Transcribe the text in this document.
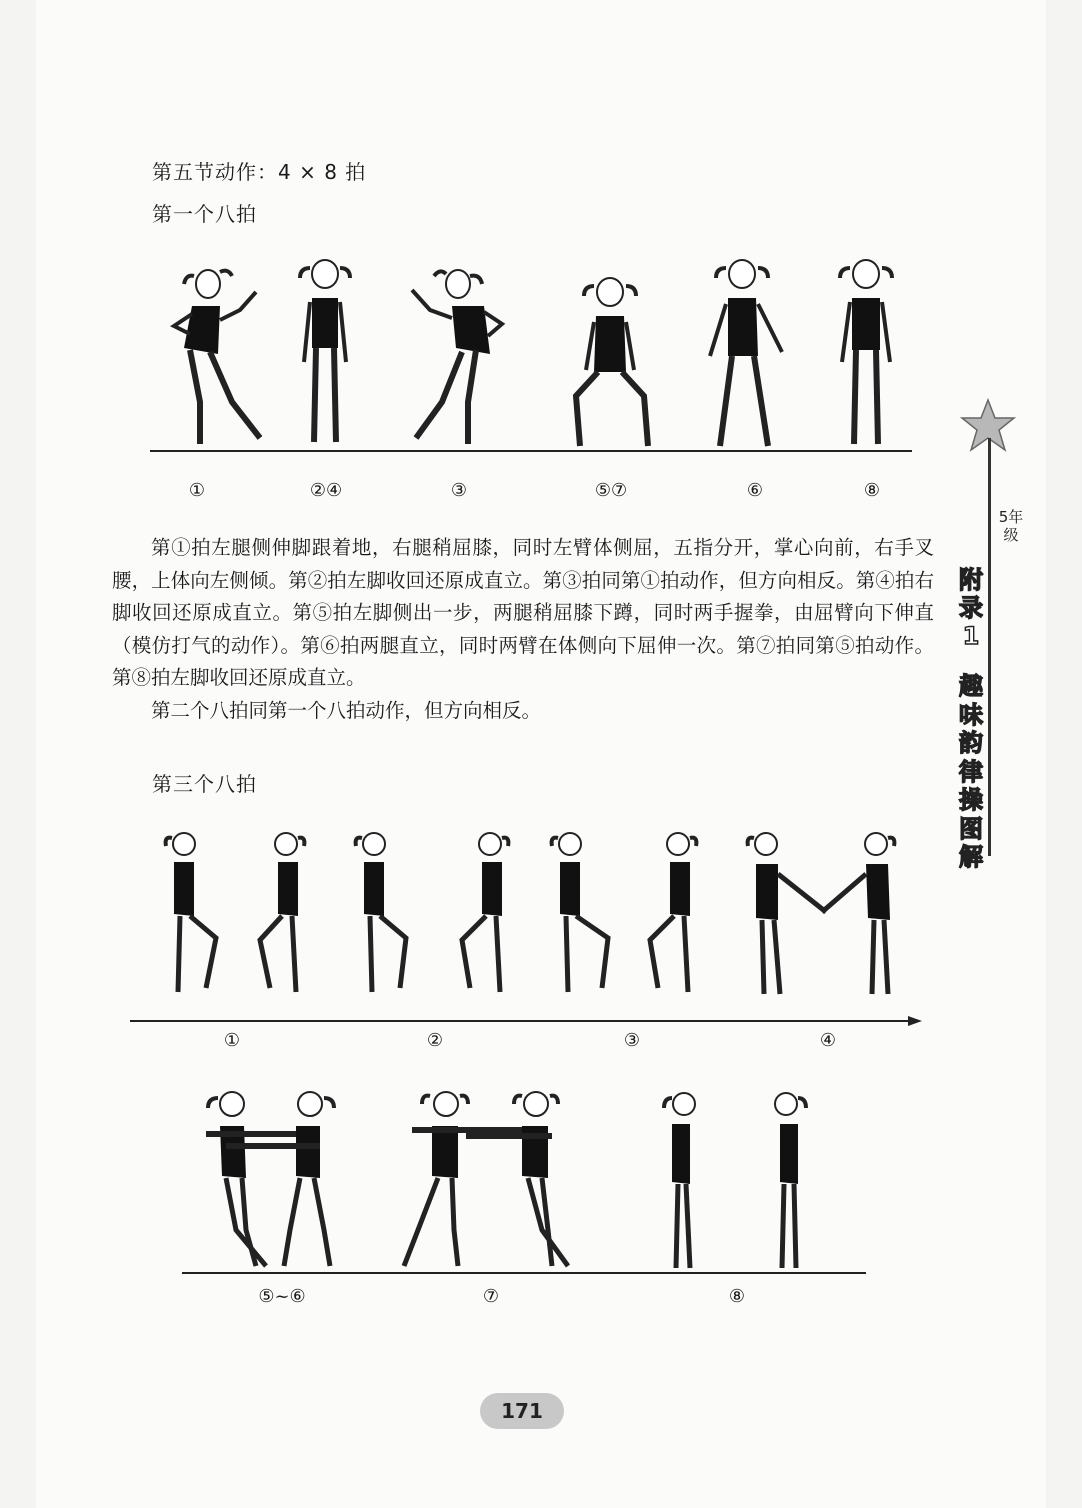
第五节动作：4 × 8 拍
第一个八拍
①	②④	③	⑤⑦	⑥	⑧

第①拍左腿侧伸脚跟着地，右腿稍屈膝，同时左臂体侧屈，五指分开，掌心向前，右手叉腰，上体向左侧倾。第②拍左脚收回还原成直立。第③拍同第①拍动作，但方向相反。第④拍右脚收回还原成直立。第⑤拍左脚侧出一步，两腿稍屈膝下蹲，同时两手握拳，由屈臂向下伸直（模仿打气的动作）。第⑥拍两腿直立，同时两臂在体侧向下屈伸一次。第⑦拍同第⑤拍动作。第⑧拍左脚收回还原成直立。

第二个八拍同第一个八拍动作，但方向相反。

第三个八拍
①	②	③	④
⑤~⑥	⑦	⑧
5年级
附录1
趣味韵律操图解
171
